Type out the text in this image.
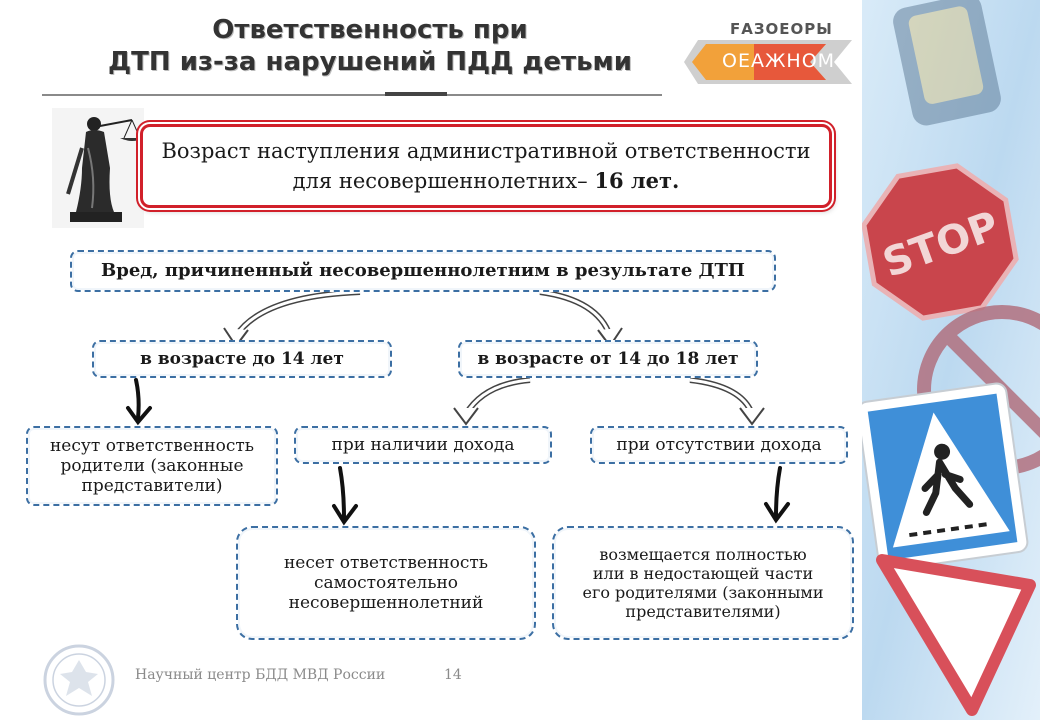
STOP
Ответственность при
ДТП из-за нарушений ПДД детьми
FАЗОЕОРЫ
ОЕАЖНОМ
Возраст наступления административной ответственности
для несовершеннолетних– 16 лет.
Вред, причиненный несовершеннолетним в результате ДТП
в возрасте до 14 лет	в возрасте от 14 до 18 лет
несут ответственность
родители (законные
представители)
при наличии дохода	при отсутствии дохода
несет ответственность
самостоятельно
несовершеннолетний
возмещается полностью
или в недостающей части
его родителями (законными
представителями)
Научный центр БДД МВД России	14
